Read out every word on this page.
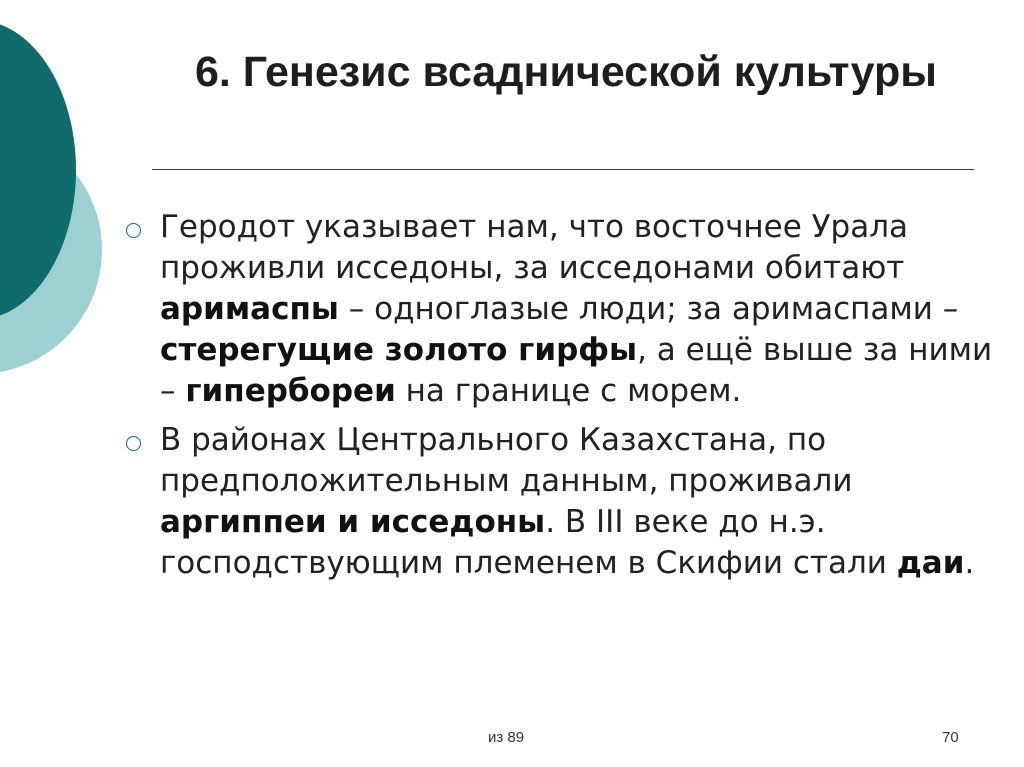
6. Генезис всаднической культуры
Геродот указывает нам, что восточнее Урала проживли исседоны, за исседонами обитают аримаспы – одноглазые люди; за аримаспами – стерегущие золото гирфы, а ещё выше за ними – гипербореи на границе с морем.
В районах Центрального Казахстана, по предположительным данным, проживали аргиппеи и исседоны. В III веке до н.э. господствующим племенем в Скифии стали даи.
из 89	70
